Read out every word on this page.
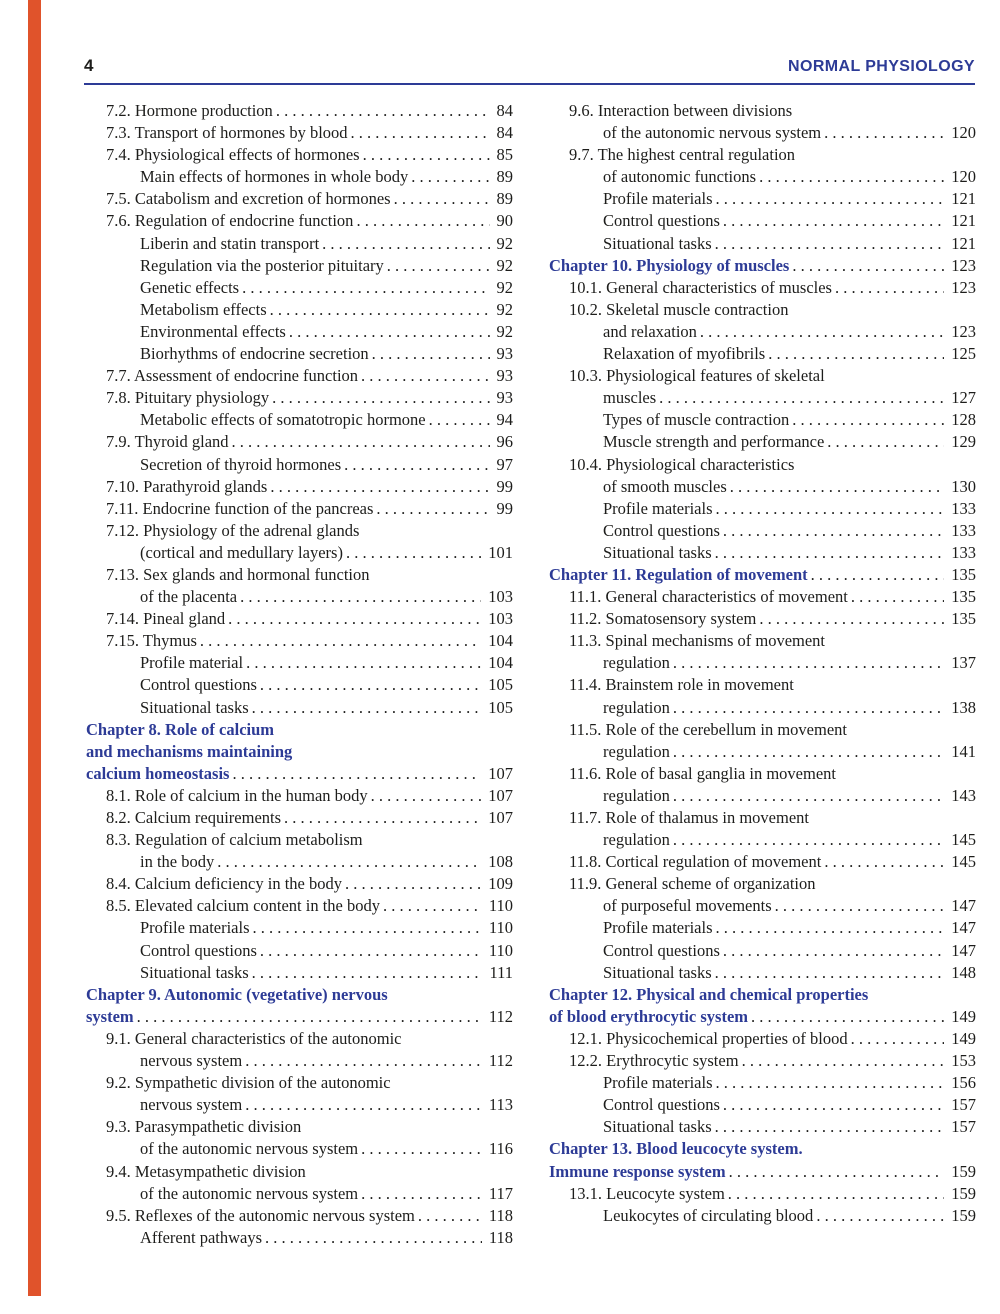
4	NORMAL PHYSIOLOGY
7.2. Hormone production . . .	84
7.3. Transport of hormones by blood . . .	84
7.4. Physiological effects of hormones . . .	85
Main effects of hormones in whole body . . .	89
7.5. Catabolism and excretion of hormones . . .	89
7.6. Regulation of endocrine function . . .	90
Liberin and statin transport . . .	92
Regulation via the posterior pituitary . . .	92
Genetic effects . . .	92
Metabolism effects . . .	92
Environmental effects . . .	92
Biorhythms of endocrine secretion . . .	93
7.7. Assessment of endocrine function . . .	93
7.8. Pituitary physiology . . .	93
Metabolic effects of somatotropic hormone . . .	94
7.9. Thyroid gland . . .	96
Secretion of thyroid hormones . . .	97
7.10. Parathyroid glands . . .	99
7.11. Endocrine function of the pancreas . . .	99
7.12. Physiology of the adrenal glands
(cortical and medullary layers) . . .	101
7.13. Sex glands and hormonal function
of the placenta . . .	103
7.14. Pineal gland . . .	103
7.15. Thymus . . .	104
Profile material . . .	104
Control questions . . .	105
Situational tasks . . .	105
Chapter 8. Role of calcium
and mechanisms maintaining
calcium homeostasis . . .	107
8.1. Role of calcium in the human body . . .	107
8.2. Calcium requirements . . .	107
8.3. Regulation of calcium metabolism
in the body . . .	108
8.4. Calcium deficiency in the body . . .	109
8.5. Elevated calcium content in the body . . .	110
Profile materials . . .	110
Control questions . . .	110
Situational tasks . . .	111
Chapter 9. Autonomic (vegetative) nervous
system . . .	112
9.1. General characteristics of the autonomic
nervous system . . .	112
9.2. Sympathetic division of the autonomic
nervous system . . .	113
9.3. Parasympathetic division
of the autonomic nervous system . . .	116
9.4. Metasympathetic division
of the autonomic nervous system . . .	117
9.5. Reflexes of the autonomic nervous system . . .	118
Afferent pathways . . .	118
9.6. Interaction between divisions
of the autonomic nervous system . . .	120
9.7. The highest central regulation
of autonomic functions . . .	120
Profile materials . . .	121
Control questions . . .	121
Situational tasks . . .	121
Chapter 10. Physiology of muscles . . .	123
10.1. General characteristics of muscles . . .	123
10.2. Skeletal muscle contraction
and relaxation . . .	123
Relaxation of myofibrils . . .	125
10.3. Physiological features of skeletal
muscles . . .	127
Types of muscle contraction . . .	128
Muscle strength and performance . . .	129
10.4. Physiological characteristics
of smooth muscles . . .	130
Profile materials . . .	133
Control questions . . .	133
Situational tasks . . .	133
Chapter 11. Regulation of movement . . .	135
11.1. General characteristics of movement . . .	135
11.2. Somatosensory system . . .	135
11.3. Spinal mechanisms of movement
regulation . . .	137
11.4. Brainstem role in movement
regulation . . .	138
11.5. Role of the cerebellum in movement
regulation . . .	141
11.6. Role of basal ganglia in movement
regulation . . .	143
11.7. Role of thalamus in movement
regulation . . .	145
11.8. Cortical regulation of movement . . .	145
11.9. General scheme of organization
of purposeful movements . . .	147
Profile materials . . .	147
Control questions . . .	147
Situational tasks . . .	148
Chapter 12. Physical and chemical properties
of blood erythrocytic system . . .	149
12.1. Physicochemical properties of blood . . .	149
12.2. Erythrocytic system . . .	153
Profile materials . . .	156
Control questions . . .	157
Situational tasks . . .	157
Chapter 13. Blood leucocyte system.
Immune response system . . .	159
13.1. Leucocyte system . . .	159
Leukocytes of circulating blood . . .	159
